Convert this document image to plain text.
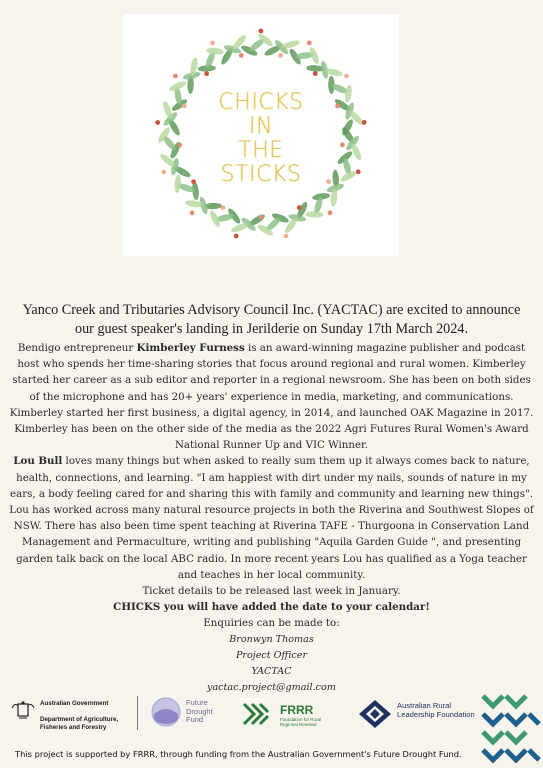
CHICKS
IN
THE
STICKS
Yanco Creek and Tributaries Advisory Council Inc. (YACTAC) are excited to announce
our guest speaker's landing in Jerilderie on Sunday 17th March 2024.

Bendigo entrepreneur Kimberley Furness is an award-winning magazine publisher and podcast host who spends her time-sharing stories that focus around regional and rural women. Kimberley started her career as a sub editor and reporter in a regional newsroom. She has been on both sides of the microphone and has 20+ years' experience in media, marketing, and communications. Kimberley started her first business, a digital agency, in 2014, and launched OAK Magazine in 2017. Kimberley has been on the other side of the media as the 2022 Agri Futures Rural Women's Award National Runner Up and VIC Winner.

Lou Bull loves many things but when asked to really sum them up it always comes back to nature, health, connections, and learning. "I am happiest with dirt under my nails, sounds of nature in my ears, a body feeling cared for and sharing this with family and community and learning new things". Lou has worked across many natural resource projects in both the Riverina and Southwest Slopes of NSW. There has also been time spent teaching at Riverina TAFE - Thurgoona in Conservation Land Management and Permaculture, writing and publishing "Aquila Garden Guide ", and presenting garden talk back on the local ABC radio. In more recent years Lou has qualified as a Yoga teacher and teaches in her local community.

Ticket details to be released last week in January.

CHICKS you will have added the date to your calendar!

Enquiries can be made to:

Bronwyn Thomas

Project Officer

YACTAC

yactac.project@gmail.com

Australian Government
Department of Agriculture, Fisheries and Forestry
Future Drought Fund
FRRR
Foundation for Rural Regional Renewal
Australian Rural Leadership Foundation
This project is supported by FRRR, through funding from the Australian Government's Future Drought Fund.
